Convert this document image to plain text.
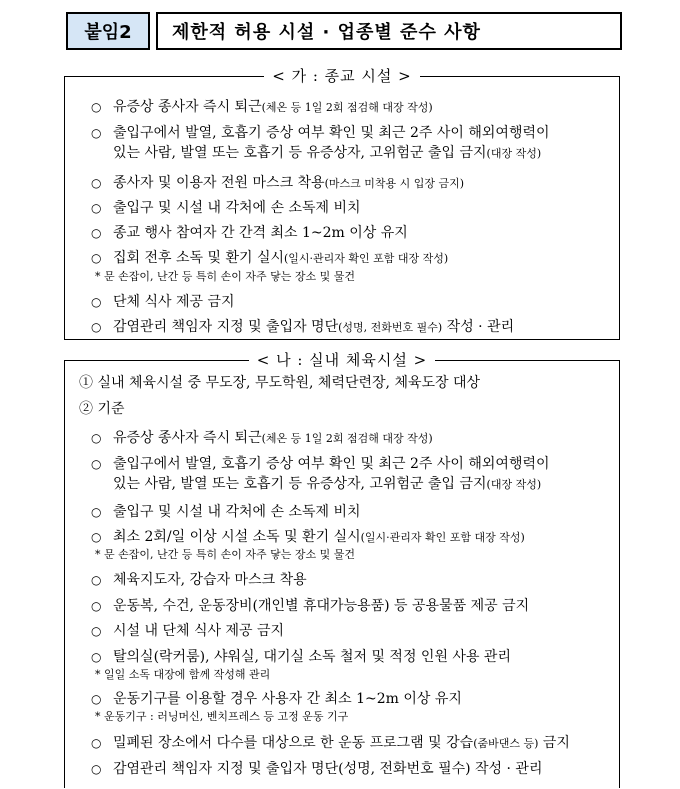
붙임2	제한적 허용 시설 · 업종별 준수 사항
< 가 : 종교 시설 >
○ 유증상 종사자 즉시 퇴근(체온 등 1일 2회 점검해 대장 작성)
○ 출입구에서 발열, 호흡기 증상 여부 확인 및 최근 2주 사이 해외여행력이
있는 사람, 발열 또는 호흡기 등 유증상자, 고위험군 출입 금지(대장 작성)
○ 종사자 및 이용자 전원 마스크 착용(마스크 미착용 시 입장 금지)
○ 출입구 및 시설 내 각처에 손 소독제 비치
○ 종교 행사 참여자 간 간격 최소 1~2m 이상 유지
○ 집회 전후 소독 및 환기 실시(일시·관리자 확인 포함 대장 작성)
* 문 손잡이, 난간 등 특히 손이 자주 닿는 장소 및 물건
○ 단체 식사 제공 금지
○ 감염관리 책임자 지정 및 출입자 명단(성명, 전화번호 필수) 작성 · 관리
< 나 : 실내 체육시설 >
① 실내 체육시설 중 무도장, 무도학원, 체력단련장, 체육도장 대상
② 기준
○ 유증상 종사자 즉시 퇴근(체온 등 1일 2회 점검해 대장 작성)
○ 출입구에서 발열, 호흡기 증상 여부 확인 및 최근 2주 사이 해외여행력이
있는 사람, 발열 또는 호흡기 등 유증상자, 고위험군 출입 금지(대장 작성)
○ 출입구 및 시설 내 각처에 손 소독제 비치
○ 최소 2회/일 이상 시설 소독 및 환기 실시(일시·관리자 확인 포함 대장 작성)
* 문 손잡이, 난간 등 특히 손이 자주 닿는 장소 및 물건
○ 체육지도자, 강습자 마스크 착용
○ 운동복, 수건, 운동장비(개인별 휴대가능용품) 등 공용물품 제공 금지
○ 시설 내 단체 식사 제공 금지
○ 탈의실(락커룸), 샤워실, 대기실 소독 철저 및 적정 인원 사용 관리
* 일일 소독 대장에 함께 작성해 관리
○ 운동기구를 이용할 경우 사용자 간 최소 1~2m 이상 유지
* 운동기구 : 러닝머신, 벤치프레스 등 고정 운동 기구
○ 밀폐된 장소에서 다수를 대상으로 한 운동 프로그램 및 강습(줌바댄스 등) 금지
○ 감염관리 책임자 지정 및 출입자 명단(성명, 전화번호 필수) 작성 · 관리
